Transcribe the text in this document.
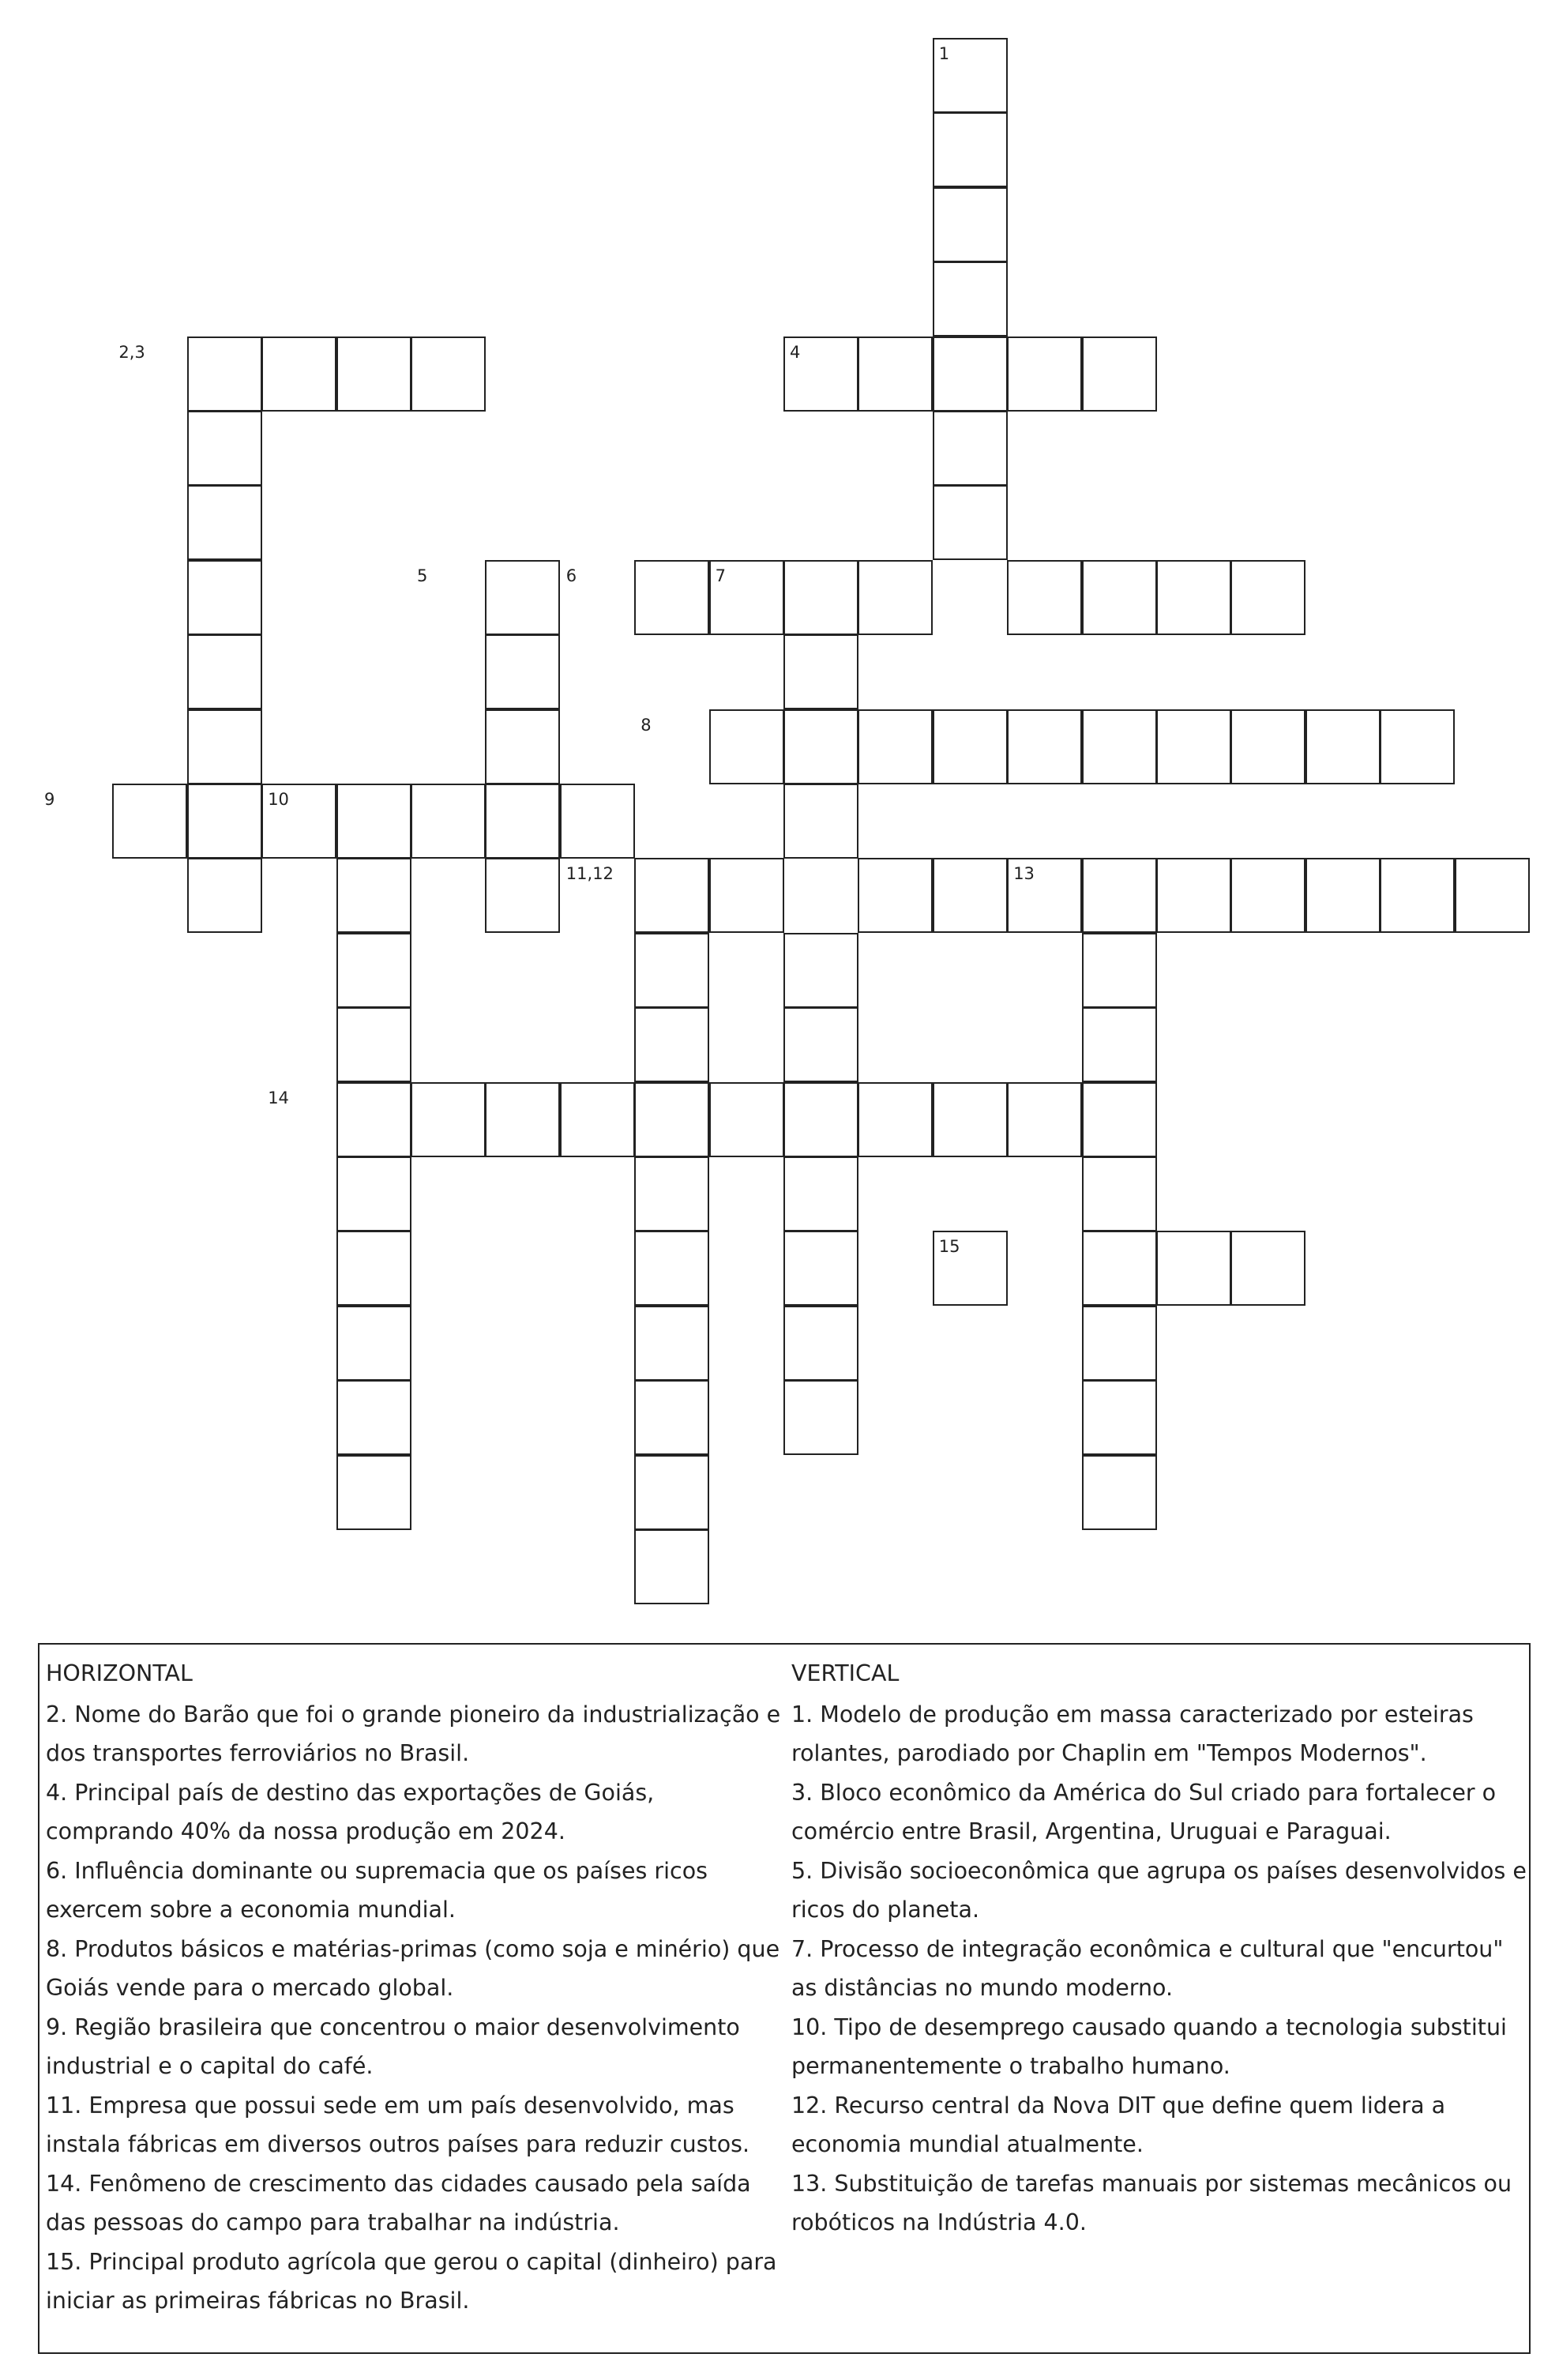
1
2,3	4
5	6	7
8
9	10
11,12	13
14
15

HORIZONTAL

2. Nome do Barão que foi o grande pioneiro da industrialização e dos transportes ferroviários no Brasil.

4. Principal país de destino das exportações de Goiás, comprando 40% da nossa produção em 2024.

6. Influência dominante ou supremacia que os países ricos exercem sobre a economia mundial.

8. Produtos básicos e matérias-primas (como soja e minério) que Goiás vende para o mercado global.

9. Região brasileira que concentrou o maior desenvolvimento industrial e o capital do café.

11. Empresa que possui sede em um país desenvolvido, mas instala fábricas em diversos outros países para reduzir custos.

14. Fenômeno de crescimento das cidades causado pela saída das pessoas do campo para trabalhar na indústria.

15. Principal produto agrícola que gerou o capital (dinheiro) para iniciar as primeiras fábricas no Brasil.

VERTICAL

1. Modelo de produção em massa caracterizado por esteiras rolantes, parodiado por Chaplin em "Tempos Modernos".

3. Bloco econômico da América do Sul criado para fortalecer o comércio entre Brasil, Argentina, Uruguai e Paraguai.

5. Divisão socioeconômica que agrupa os países desenvolvidos e ricos do planeta.

7. Processo de integração econômica e cultural que "encurtou" as distâncias no mundo moderno.

10. Tipo de desemprego causado quando a tecnologia substitui permanentemente o trabalho humano.

12. Recurso central da Nova DIT que define quem lidera a economia mundial atualmente.

13. Substituição de tarefas manuais por sistemas mecânicos ou robóticos na Indústria 4.0.
